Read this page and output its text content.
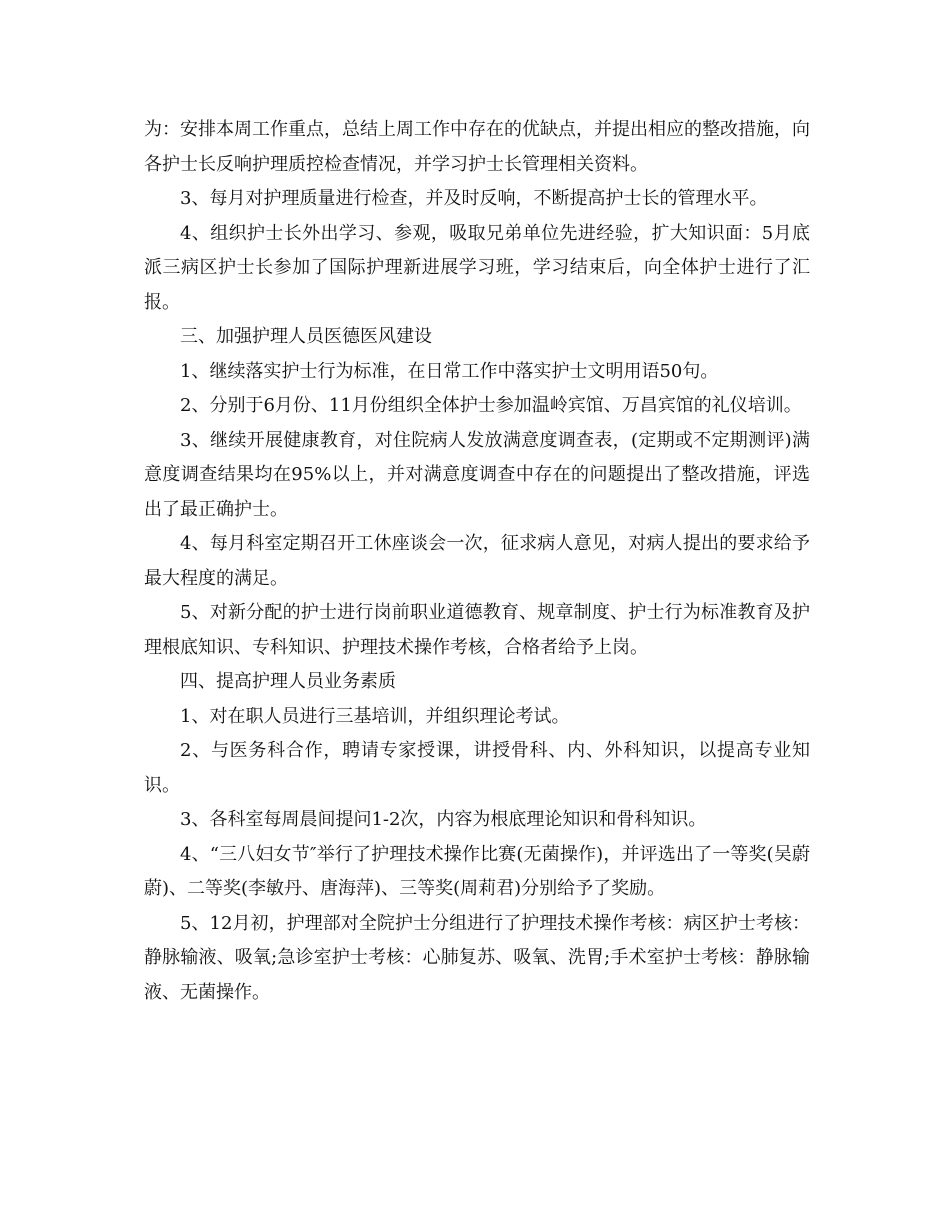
为：安排本周工作重点，总结上周工作中存在的优缺点，并提出相应的整改措施，向各护士长反响护理质控检查情况，并学习护士长管理相关资料。

3、每月对护理质量进行检查，并及时反响，不断提高护士长的管理水平。

4、组织护士长外出学习、参观，吸取兄弟单位先进经验，扩大知识面：5月底派三病区护士长参加了国际护理新进展学习班，学习结束后，向全体护士进行了汇报。

三、加强护理人员医德医风建设

1、继续落实护士行为标准，在日常工作中落实护士文明用语50句。

2、分别于6月份、11月份组织全体护士参加温岭宾馆、万昌宾馆的礼仪培训。

3、继续开展健康教育，对住院病人发放满意度调查表，(定期或不定期测评)满意度调查结果均在95%以上，并对满意度调查中存在的问题提出了整改措施，评选出了最正确护士。

4、每月科室定期召开工休座谈会一次，征求病人意见，对病人提出的要求给予最大程度的满足。

5、对新分配的护士进行岗前职业道德教育、规章制度、护士行为标准教育及护理根底知识、专科知识、护理技术操作考核，合格者给予上岗。

四、提高护理人员业务素质

1、对在职人员进行三基培训，并组织理论考试。

2、与医务科合作，聘请专家授课，讲授骨科、内、外科知识，以提高专业知识。

3、各科室每周晨间提问1-2次，内容为根底理论知识和骨科知识。

4、“三八妇女节″举行了护理技术操作比赛(无菌操作)，并评选出了一等奖(吴蔚蔚)、二等奖(李敏丹、唐海萍)、三等奖(周莉君)分别给予了奖励。

5、12月初，护理部对全院护士分组进行了护理技术操作考核：病区护士考核：静脉输液、吸氧;急诊室护士考核：心肺复苏、吸氧、洗胃;手术室护士考核：静脉输液、无菌操作。
